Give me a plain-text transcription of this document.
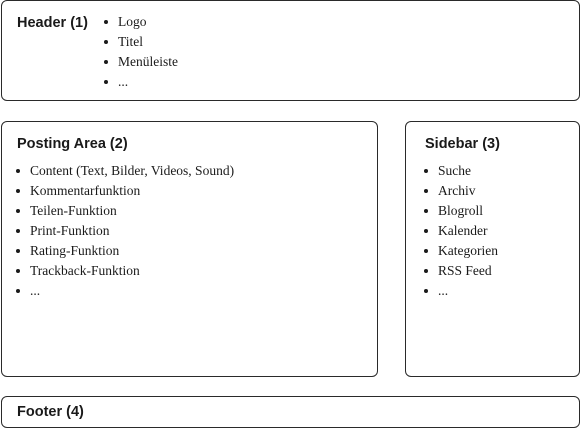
Header (1)	Logo
Titel
Menüleiste
...
Posting Area (2)
Content (Text, Bilder, Videos, Sound)
Kommentarfunktion
Teilen-Funktion
Print-Funktion
Rating-Funktion
Trackback-Funktion
...
Sidebar (3)
Suche
Archiv
Blogroll
Kalender
Kategorien
RSS Feed
...
Footer (4)
